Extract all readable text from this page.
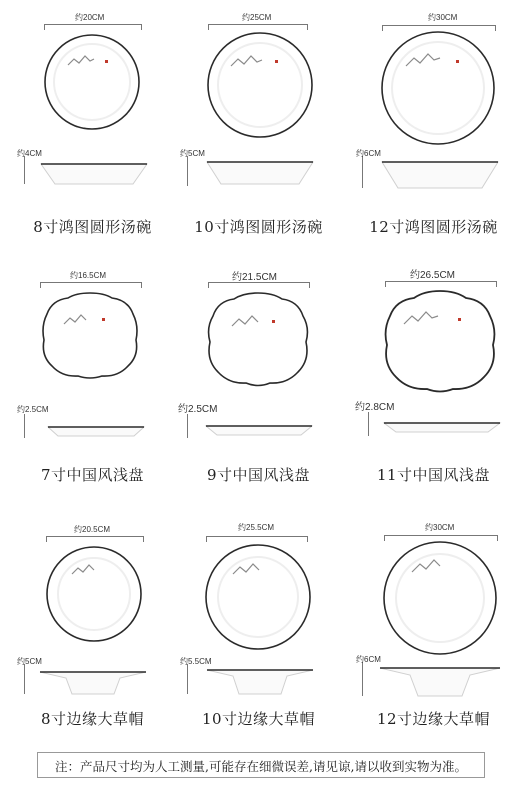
约20CM
约4CM
8寸鸿图圆形汤碗
约25CM
约5CM
10寸鸿图圆形汤碗
约30CM
约6CM
12寸鸿图圆形汤碗
约16.5CM
约2.5CM
7寸中国风浅盘
约21.5CM
约2.5CM
9寸中国风浅盘
约26.5CM
约2.8CM
11寸中国风浅盘
约20.5CM
约5CM
8寸边缘大草帽
约25.5CM
约5.5CM
10寸边缘大草帽
约30CM
约6CM
12寸边缘大草帽
注：产品尺寸均为人工测量,可能存在细微误差,请见谅,请以收到实物为准。
